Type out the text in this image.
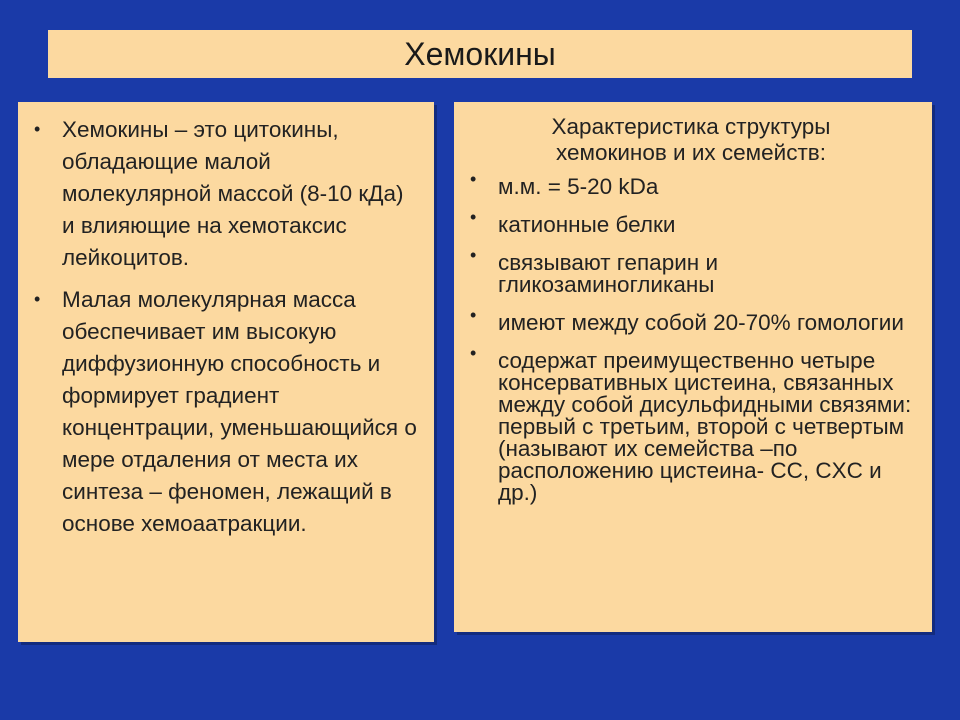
Хемокины
• Хемокины – это цитокины, обладающие малой молекулярной массой (8-10 кДа) и влияющие на хемотаксис лейкоцитов.
• Малая молекулярная масса обеспечивает им высокую диффузионную способность и формирует градиент концентрации, уменьшающийся о мере отдаления от места их синтеза – феномен, лежащий в основе хемоаатракции.
Характеристика структуры
хемокинов и их семейств:
• м.м. = 5-20 kDa
• катионные белки
• связывают гепарин и гликозаминогликаны
• имеют между собой 20-70% гомологии
• содержат преимущественно четыре консервативных цистеина, связанных между собой дисульфидными связями: первый с третьим, второй с четвертым (называют их семейства –по расположению цистеина- CC, CXC и др.)
